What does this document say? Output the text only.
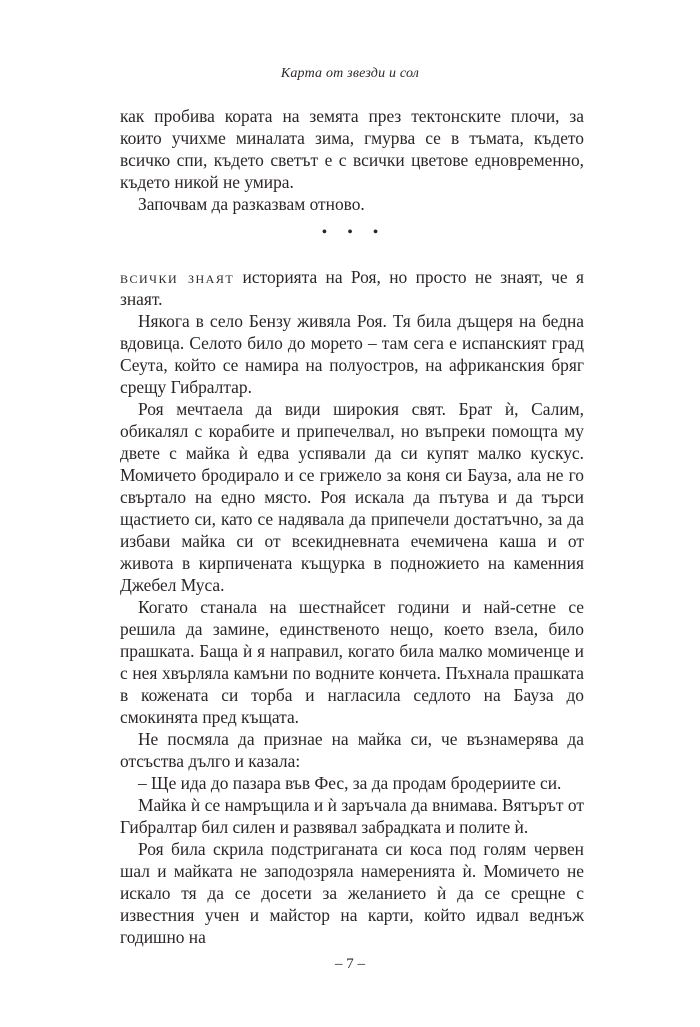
Карта от звезди и сол

как пробива кората на земята през тектонските плочи, за които учихме миналата зима, гмурва се в тъмата, където всичко спи, където светът е с всички цветове едновременно, където никой не умира.

Започвам да разказвам отново.

• • •

всички знаят историята на Роя, но просто не знаят, че я знаят.

Някога в село Бензу живяла Роя. Тя била дъщеря на бедна вдовица. Селото било до морето – там сега е испанският град Сеута, който се намира на полуостров, на африканския бряг срещу Гибралтар.

Роя мечтаела да види широкия свят. Брат ѝ, Салим, обикалял с корабите и припечелвал, но въпреки помощта му двете с майка ѝ едва успявали да си купят малко кускус. Момичето бродирало и се грижело за коня си Бауза, ала не го свъртало на едно място. Роя искала да пътува и да търси щастието си, като се надявала да припечели достатъчно, за да избави майка си от всекидневната ечемичена каша и от живота в кирпичената къщурка в подножието на каменния Джебел Муса.

Когато станала на шестнайсет години и най-сетне се решила да замине, единственото нещо, което взела, било прашката. Баща ѝ я направил, когато била малко момиченце и с нея хвърляла камъни по водните кончета. Пъхнала прашката в кожената си торба и нагласила седлото на Бауза до смокинята пред къщата.

Не посмяла да признае на майка си, че възнамерява да отсъства дълго и казала:

– Ще ида до пазара във Фес, за да продам бродериите си.

Майка ѝ се намръщила и ѝ заръчала да внимава. Вятърът от Гибралтар бил силен и развявал забрадката и полите ѝ.

Роя била скрила подстриганата си коса под голям червен шал и майката не заподозряла намеренията ѝ. Момичето не искало тя да се досети за желанието ѝ да се срещне с известния учен и майстор на карти, който идвал веднъж годишно на

– 7 –
